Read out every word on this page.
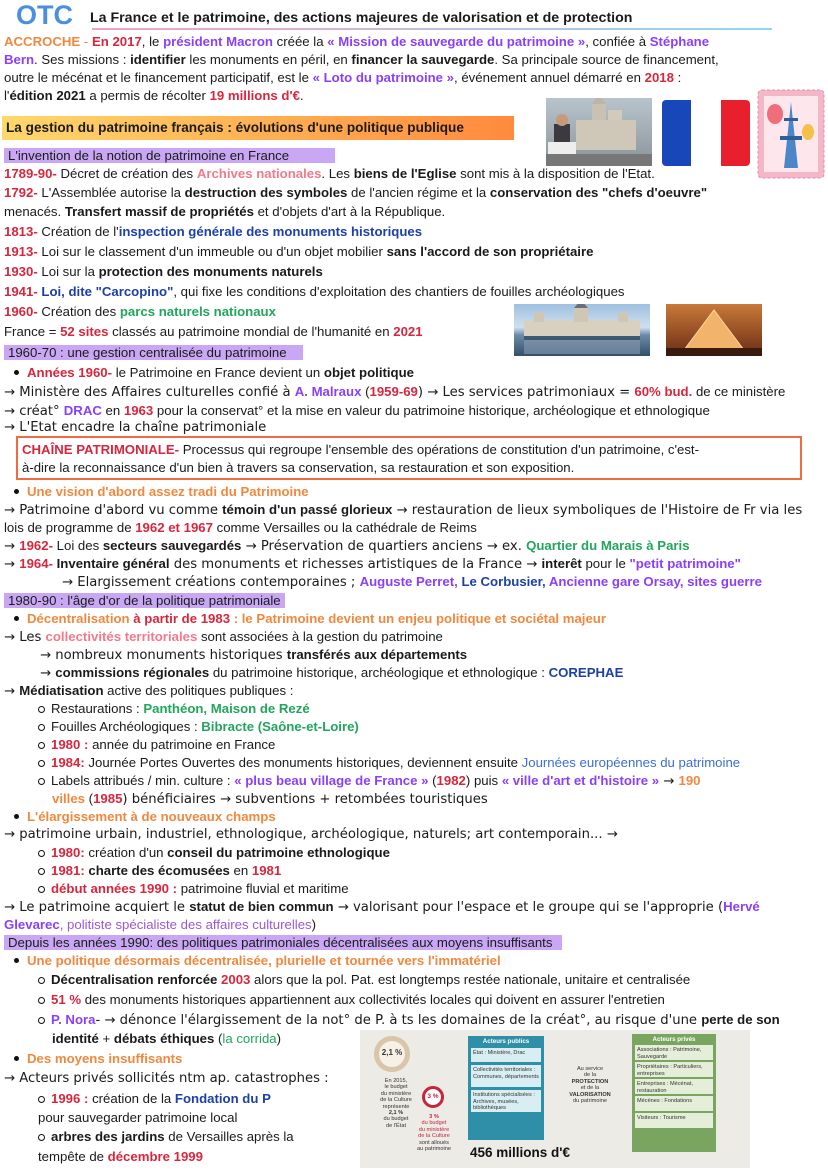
OTC La France et le patrimoine, des actions majeures de valorisation et de protection
ACCROCHE - En 2017, le président Macron créée la « Mission de sauvegarde du patrimoine », confiée à Stéphane
Bern. Ses missions : identifier les monuments en péril, en financer la sauvegarde. Sa principale source de financement,
outre le mécénat et le financement participatif, est le « Loto du patrimoine », événement annuel démarré en 2018 :
l'édition 2021 a permis de récolter 19 millions d'€.
La gestion du patrimoine français : évolutions d'une politique publique
L'invention de la notion de patrimoine en France
1789-90- Décret de création des Archives nationales. Les biens de l'Eglise sont mis à la disposition de l'Etat.
1792- L'Assemblée autorise la destruction des symboles de l'ancien régime et la conservation des "chefs d'oeuvre"
menacés. Transfert massif de propriétés et d'objets d'art à la République.
1813- Création de l'inspection générale des monuments historiques
1913- Loi sur le classement d'un immeuble ou d'un objet mobilier sans l'accord de son propriétaire
1930- Loi sur la protection des monuments naturels
1941- Loi, dite "Carcopino", qui fixe les conditions d'exploitation des chantiers de fouilles archéologiques
1960- Création des parcs naturels nationaux
France = 52 sites classés au patrimoine mondial de l'humanité en 2021
1960-70 : une gestion centralisée du patrimoine
Années 1960- le Patrimoine en France devient un objet politique
→ Ministère des Affaires culturelles confié à A. Malraux (1959-69) → Les services patrimoniaux = 60% bud. de ce ministère
→ créat° DRAC en 1963 pour la conservat° et la mise en valeur du patrimoine historique, archéologique et ethnologique
→ L'Etat encadre la chaîne patrimoniale
CHAÎNE PATRIMONIALE- Processus qui regroupe l'ensemble des opérations de constitution d'un patrimoine, c'est-
à-dire la reconnaissance d'un bien à travers sa conservation, sa restauration et son exposition.
Une vision d'abord assez tradi du Patrimoine
→ Patrimoine d'abord vu comme témoin d'un passé glorieux → restauration de lieux symboliques de l'Histoire de Fr via les
lois de programme de 1962 et 1967 comme Versailles ou la cathédrale de Reims
→ 1962- Loi des secteurs sauvegardés → Préservation de quartiers anciens → ex. Quartier du Marais à Paris
→ 1964- Inventaire général des monuments et richesses artistiques de la France → interêt pour le "petit patrimoine"
→ Elargissement créations contemporaines ; Auguste Perret, Le Corbusier, Ancienne gare Orsay, sites guerre
1980-90 : l'âge d'or de la politique patrimoniale
Décentralisation à partir de 1983 : le Patrimoine devient un enjeu politique et sociétal majeur
→ Les collectivités territoriales sont associées à la gestion du patrimoine
→ nombreux monuments historiques transférés aux départements
→ commissions régionales du patrimoine historique, archéologique et ethnologique : COREPHAE
→ Médiatisation active des politiques publiques :
Restaurations : Panthéon, Maison de Rezé
Fouilles Archéologiques : Bibracte (Saône-et-Loire)
1980 : année du patrimoine en France
1984: Journée Portes Ouvertes des monuments historiques, deviennent ensuite Journées européennes du patrimoine
Labels attribués / min. culture : « plus beau village de France » (1982) puis « ville d'art et d'histoire » → 190
villes (1985) bénéficiaires → subventions + retombées touristiques
L'élargissement à de nouveaux champs
→ patrimoine urbain, industriel, ethnologique, archéologique, naturels; art contemporain... →
1980: création d'un conseil du patrimoine ethnologique
1981: charte des écomusées en 1981
début années 1990 : patrimoine fluvial et maritime
→ Le patrimoine acquiert le statut de bien commun → valorisant pour l'espace et le groupe qui se l'approprie (Hervé
Glevarec, politiste spécialiste des affaires culturelles)
Depuis les années 1990: des politiques patrimoniales décentralisées aux moyens insuffisants
Une politique désormais décentralisée, plurielle et tournée vers l'immatériel
Décentralisation renforcée 2003 alors que la pol. Pat. est longtemps restée nationale, unitaire et centralisée
51 % des monuments historiques appartiennent aux collectivités locales qui doivent en assurer l'entretien
P. Nora- → dénonce l'élargissement de la not° de P. à ts les domaines de la créat°, au risque d'une perte de son
identité + débats éthiques (la corrida)
Des moyens insuffisants
→ Acteurs privés sollicités ntm ap. catastrophes :
1996 : création de la Fondation du P
pour sauvegarder patrimoine local
arbres des jardins de Versailles après la
tempête de décembre 1999
2,1 %
En 2015,
le budget
du ministère
de la Culture
représente
2,1 %
du budget
de l'État
3 %
3 %
du budget
du ministère
de la Culture
sont alloués
au patrimoine
Acteurs publics
État : Ministère, Drac
Collectivités territoriales : Communes, départements
Institutions spécialisées : Archives, musées, bibliothèques
Au service
de la
PROTECTION
et de la
VALORISATION
du patrimoine
Acteurs privés
Associations : Patrimoine, Sauvegarde
Propriétaires : Particuliers, entreprises
Entreprises : Mécénat, restauration
Mécènes : Fondations
Visiteurs : Tourisme
456 millions d'€
